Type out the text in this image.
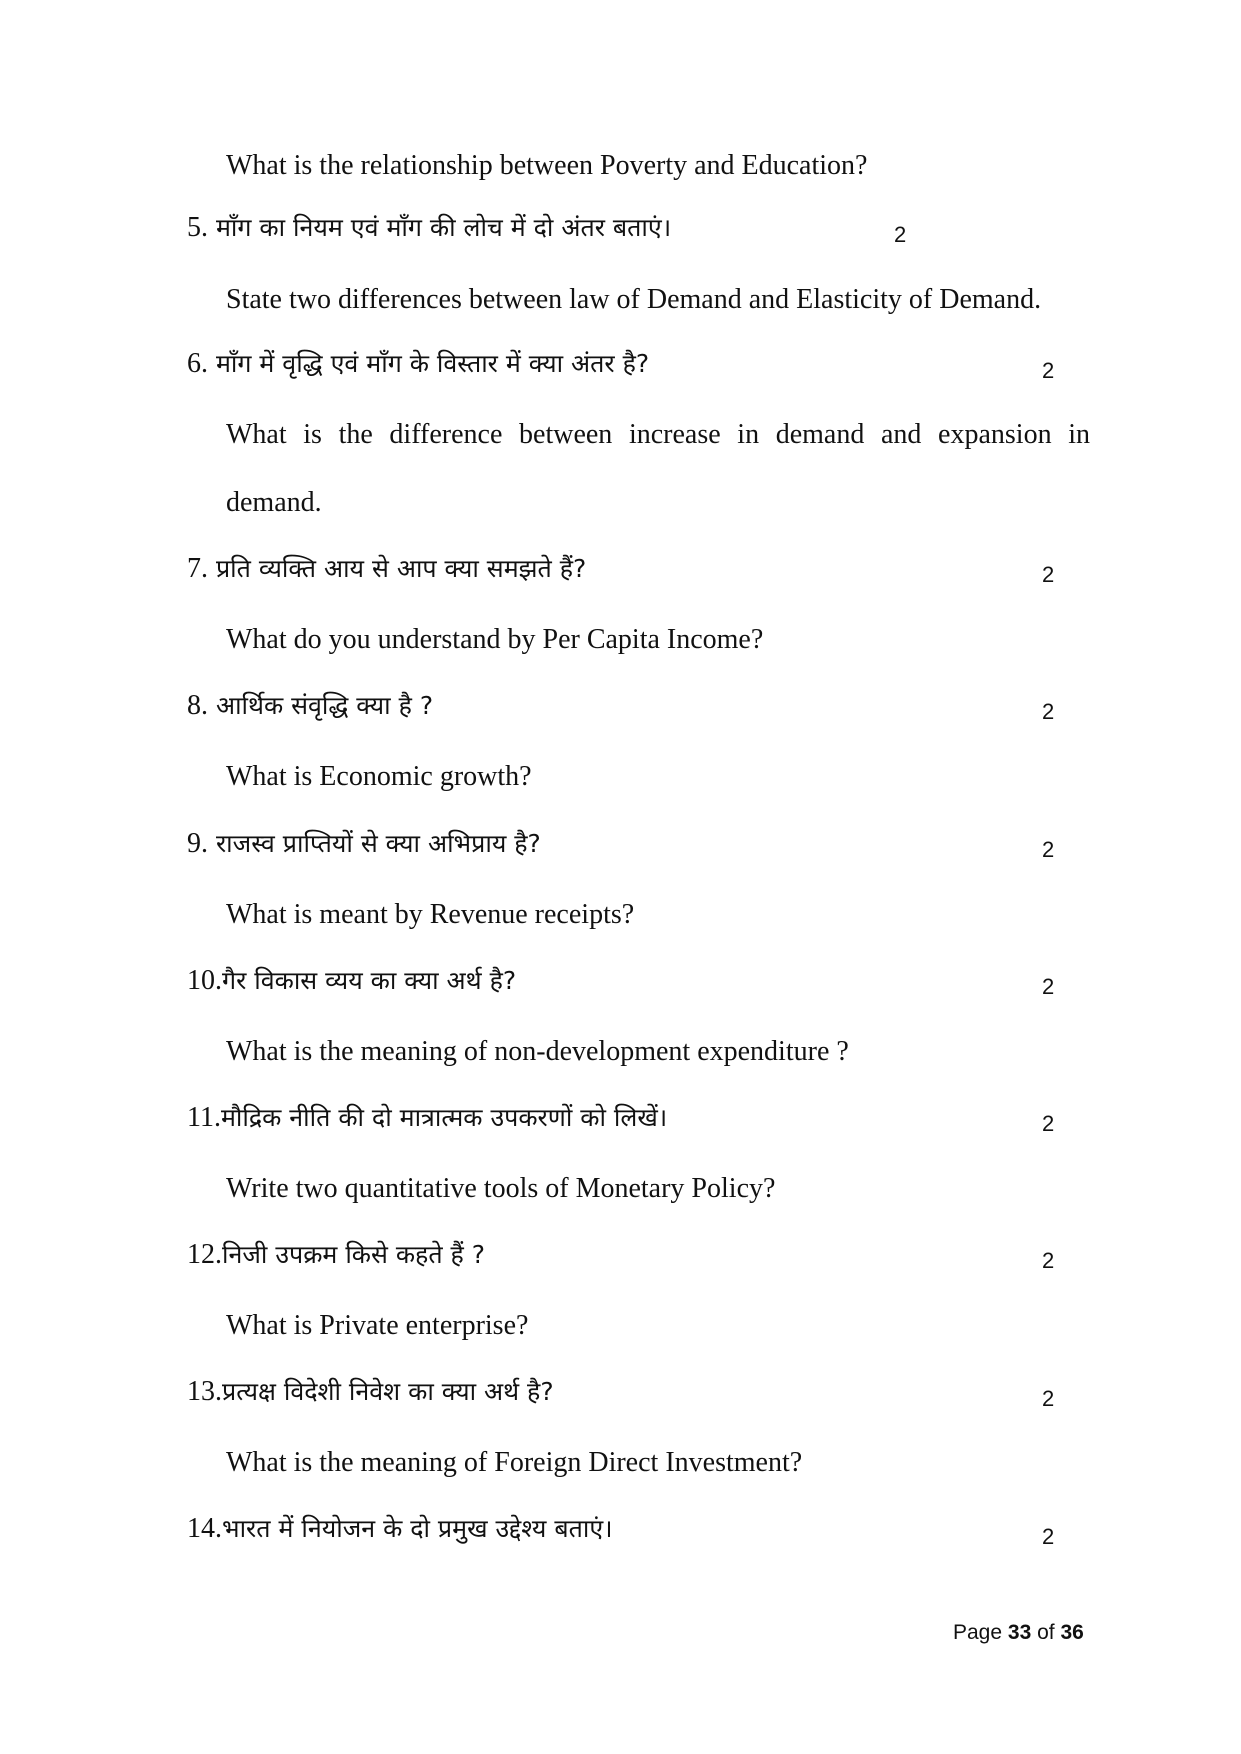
What is the relationship between Poverty and Education?
5. माँग का नियम एवं माँग की लोच में दो अंतर बताएं।	2
State two differences between law of Demand and Elasticity of Demand.
6. माँग में वृद्धि एवं माँग के विस्तार में क्या अंतर है?	2
What is the difference between increase in demand and expansion in
demand.
7. प्रति व्यक्ति आय से आप क्या समझते हैं?	2
What do you understand by Per Capita Income?
8. आर्थिक संवृद्धि क्या है ?	2
What is Economic growth?
9. राजस्व प्राप्तियों से क्या अभिप्राय है?	2
What is meant by Revenue receipts?
10.गैर विकास व्यय का क्या अर्थ है?	2
What is the meaning of non-development expenditure ?
11.मौद्रिक नीति की दो मात्रात्मक उपकरणों को लिखें।	2
Write two quantitative tools of Monetary Policy?
12.निजी उपक्रम किसे कहते हैं ?	2
What is Private enterprise?
13.प्रत्यक्ष विदेशी निवेश का क्या अर्थ है?	2
What is the meaning of Foreign Direct Investment?
14.भारत में नियोजन के दो प्रमुख उद्देश्य बताएं।	2
Page 33 of 36
